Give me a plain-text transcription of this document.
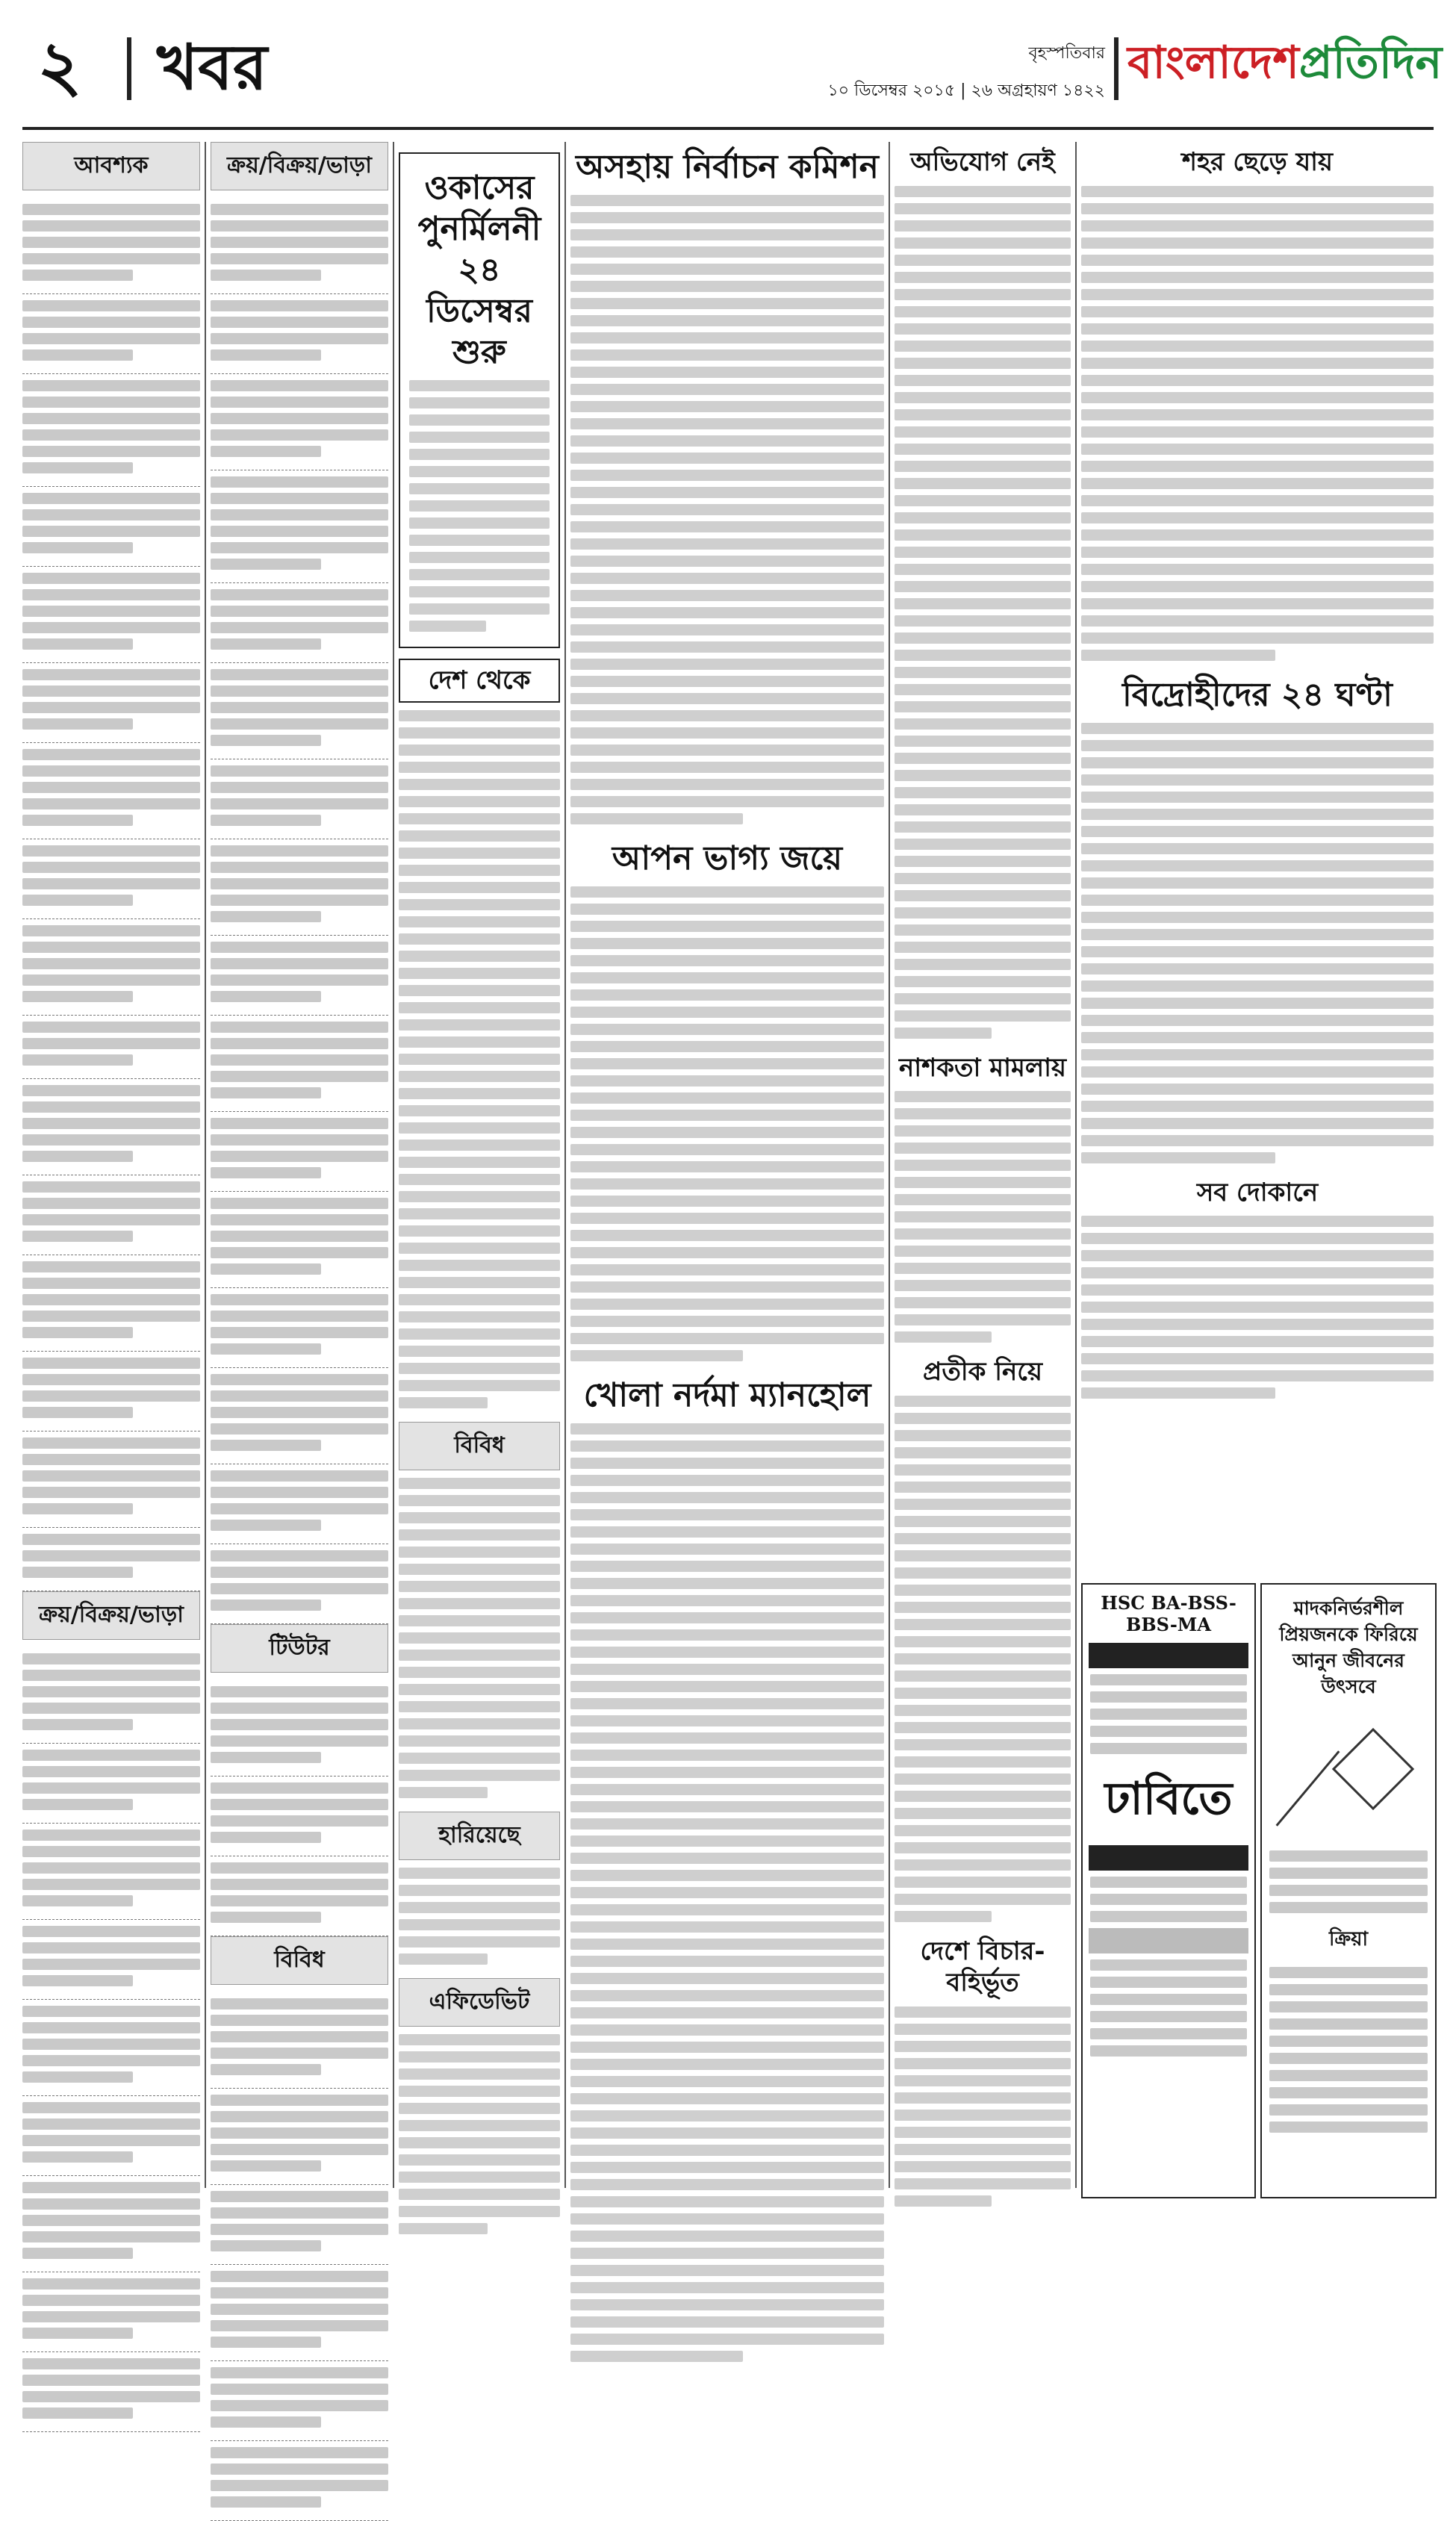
২ খবর	বৃহস্পতিবার
১০ ডিসেম্বর ২০১৫ | ২৬ অগ্রহায়ণ ১৪২২
বাংলাদেশপ্রতিদিন
আবশ্যক
ক্রয়/বিক্রয়/ভাড়া
ক্রয়/বিক্রয়/ভাড়া
টিউটর
বিবিধ
ওকাসের পুনর্মিলনী ২৪ ডিসেম্বর শুরু
দেশ থেকে
বিবিধ
হারিয়েছে
এফিডেভিট
অসহায় নির্বাচন কমিশন
আপন ভাগ্য জয়ে
খোলা নর্দমা ম্যানহোল
অভিযোগ নেই
নাশকতা মামলায়
প্রতীক নিয়ে
দেশে বিচার-বহির্ভূত
শহর ছেড়ে যায়
বিদ্রোহীদের ২৪ ঘণ্টা
সব দোকানে
HSC BA-BSS-BBS-MA
ঢাবিতে
মাদকনির্ভরশীল প্রিয়জনকে ফিরিয়ে আনুন জীবনের উৎসবে
ক্রিয়া
